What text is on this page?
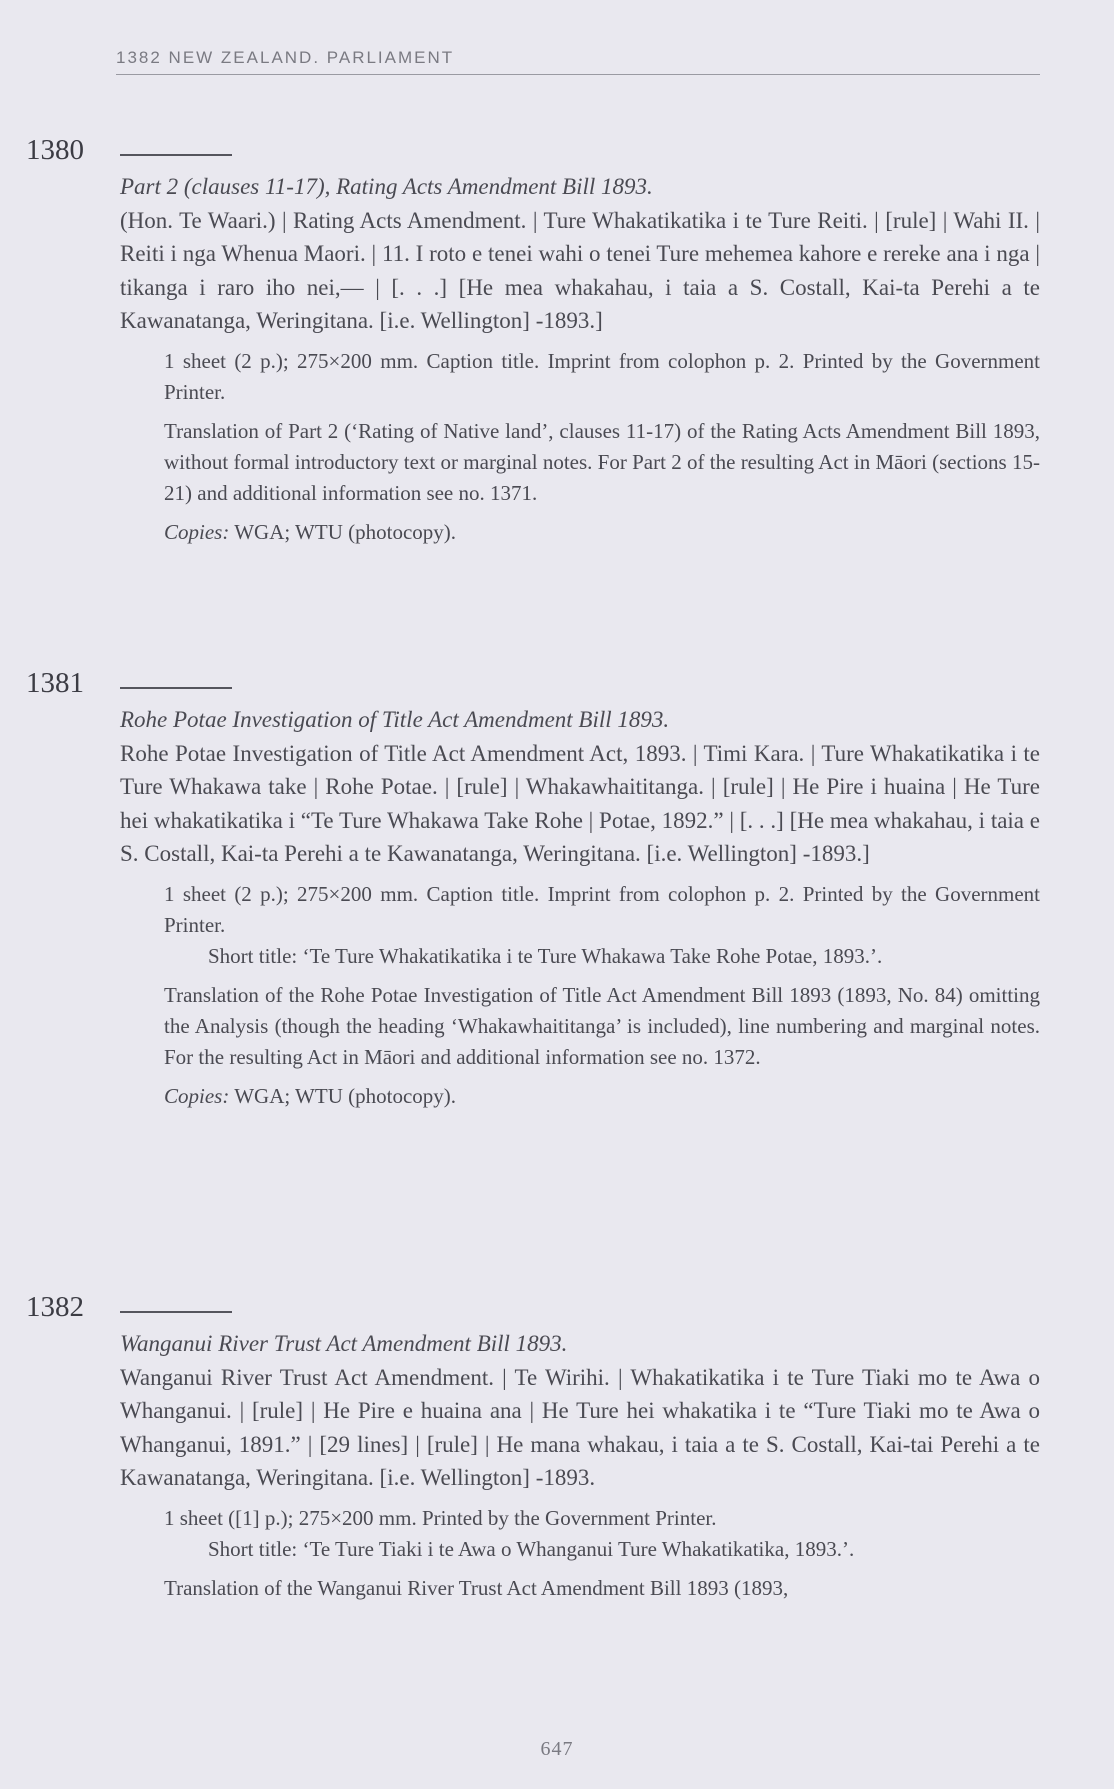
1382 NEW ZEALAND. PARLIAMENT
1380

Part 2 (clauses 11-17), Rating Acts Amendment Bill 1893.

(Hon. Te Waari.) | Rating Acts Amendment. | Ture Whakatikatika i te Ture Reiti. | [rule] | Wahi II. | Reiti i nga Whenua Maori. | 11. I roto e tenei wahi o tenei Ture mehemea kahore e rereke ana i nga | tikanga i raro iho nei,— | [. . .] [He mea whakahau, i taia a S. Costall, Kai-ta Perehi a te Kawanatanga, Weringitana. [i.e. Wellington] -1893.]

1 sheet (2 p.); 275×200 mm. Caption title. Imprint from colophon p. 2. Printed by the Government Printer.

Translation of Part 2 (‘Rating of Native land’, clauses 11-17) of the Rating Acts Amendment Bill 1893, without formal introductory text or marginal notes. For Part 2 of the resulting Act in Māori (sections 15-21) and additional information see no. 1371.

Copies: WGA; WTU (photocopy).

1381

Rohe Potae Investigation of Title Act Amendment Bill 1893.

Rohe Potae Investigation of Title Act Amendment Act, 1893. | Timi Kara. | Ture Whakatikatika i te Ture Whakawa take | Rohe Potae. | [rule] | Whakawhaititanga. | [rule] | He Pire i huaina | He Ture hei whakatikatika i “Te Ture Whakawa Take Rohe | Potae, 1892.” | [. . .] [He mea whakahau, i taia e S. Costall, Kai-ta Perehi a te Kawanatanga, Weringitana. [i.e. Wellington] -1893.]

1 sheet (2 p.); 275×200 mm. Caption title. Imprint from colophon p. 2. Printed by the Government Printer.

Short title: ‘Te Ture Whakatikatika i te Ture Whakawa Take Rohe Potae, 1893.’.

Translation of the Rohe Potae Investigation of Title Act Amendment Bill 1893 (1893, No. 84) omitting the Analysis (though the heading ‘Whakawhaititanga’ is included), line numbering and marginal notes. For the resulting Act in Māori and additional information see no. 1372.

Copies: WGA; WTU (photocopy).

1382

Wanganui River Trust Act Amendment Bill 1893.

Wanganui River Trust Act Amendment. | Te Wirihi. | Whakatikatika i te Ture Tiaki mo te Awa o Whanganui. | [rule] | He Pire e huaina ana | He Ture hei whakatika i te “Ture Tiaki mo te Awa o Whanganui, 1891.” | [29 lines] | [rule] | He mana whakau, i taia a te S. Costall, Kai-tai Perehi a te Kawanatanga, Weringitana. [i.e. Wellington] -1893.

1 sheet ([1] p.); 275×200 mm. Printed by the Government Printer.

Short title: ‘Te Ture Tiaki i te Awa o Whanganui Ture Whakatikatika, 1893.’.

Translation of the Wanganui River Trust Act Amendment Bill 1893 (1893,

647
